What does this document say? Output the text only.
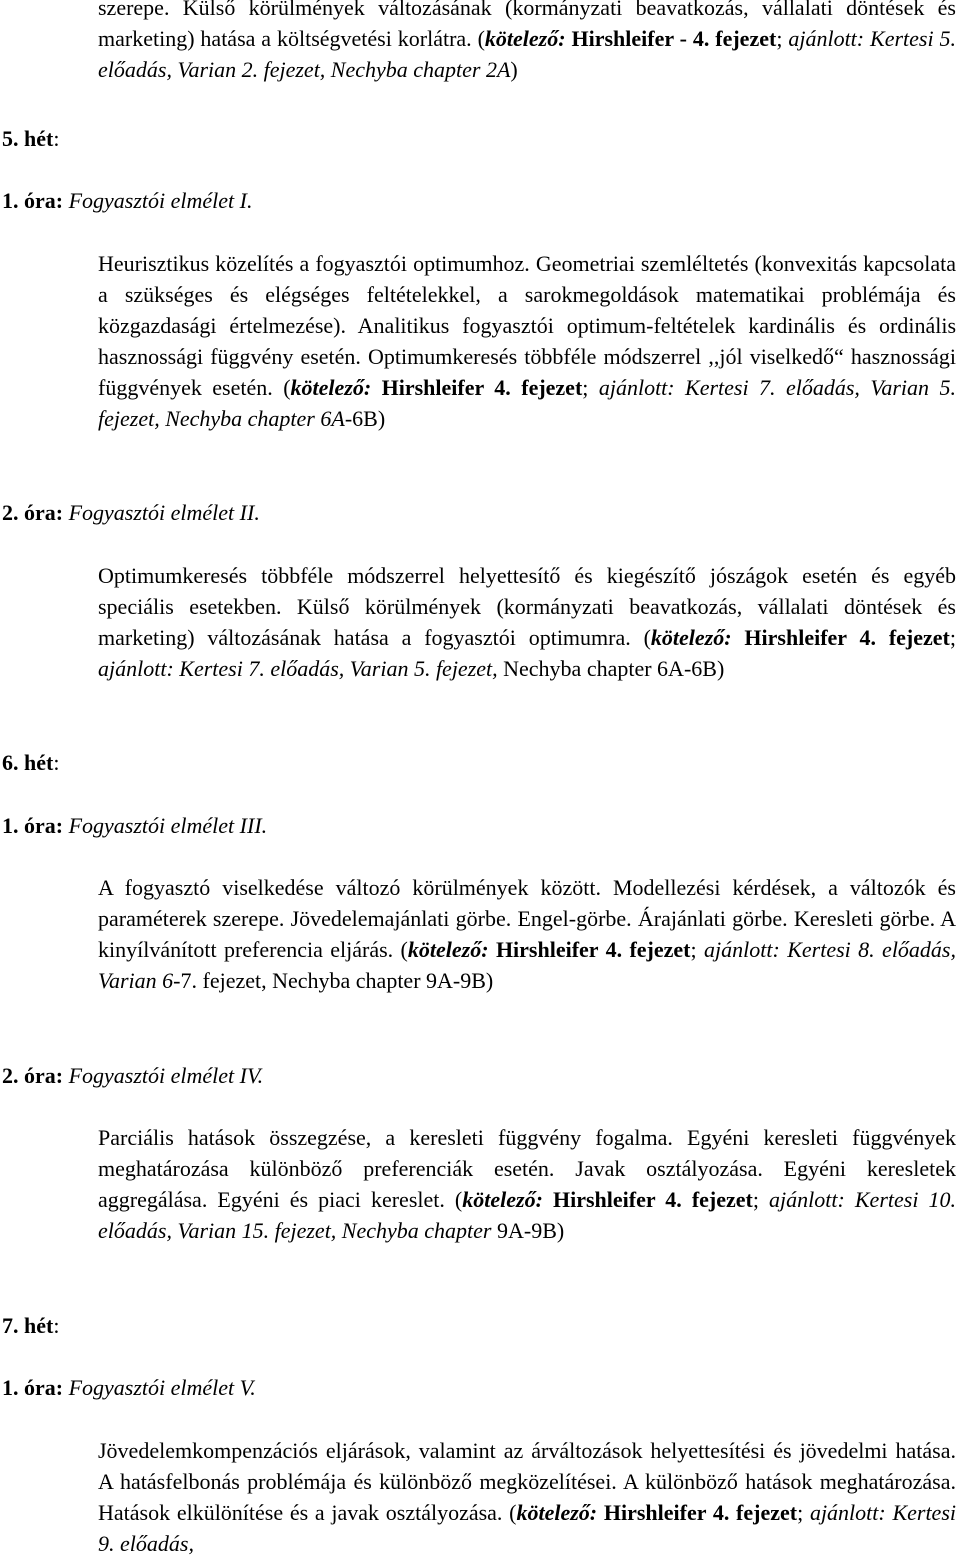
szerepe. Külső körülmények változásának (kormányzati beavatkozás, vállalati döntések és marketing) hatása a költségvetési korlátra. (kötelező: Hirshleifer - 4. fejezet; ajánlott: Kertesi 5. előadás, Varian 2. fejezet, Nechyba chapter 2A)

5. hét:
1. óra: Fogyasztói elmélet I.

Heurisztikus közelítés a fogyasztói optimumhoz. Geometriai szemléltetés (konvexitás kapcsolata a szükséges és elégséges feltételekkel, a sarokmegoldások matematikai problémája és közgazdasági értelmezése). Analitikus fogyasztói optimum-feltételek kardinális és ordinális hasznossági függvény esetén. Optimumkeresés többféle módszerrel ,,jól viselkedő“ hasznossági függvények esetén. (kötelező: Hirshleifer 4. fejezet; ajánlott: Kertesi 7. előadás, Varian 5. fejezet, Nechyba chapter 6A-6B)

2. óra: Fogyasztói elmélet II.

Optimumkeresés többféle módszerrel helyettesítő és kiegészítő jószágok esetén és egyéb speciális esetekben. Külső körülmények (kormányzati beavatkozás, vállalati döntések és marketing) változásának hatása a fogyasztói optimumra. (kötelező: Hirshleifer 4. fejezet; ajánlott: Kertesi 7. előadás, Varian 5. fejezet, Nechyba chapter 6A-6B)

6. hét:
1. óra: Fogyasztói elmélet III.

A fogyasztó viselkedése változó körülmények között. Modellezési kérdések, a változók és paraméterek szerepe. Jövedelemajánlati görbe. Engel-görbe. Árajánlati görbe. Keresleti görbe. A kinyílvánított preferencia eljárás. (kötelező: Hirshleifer 4. fejezet; ajánlott: Kertesi 8. előadás, Varian 6-7. fejezet, Nechyba chapter 9A-9B)

2. óra: Fogyasztói elmélet IV.

Parciális hatások összegzése, a keresleti függvény fogalma. Egyéni keresleti függvények meghatározása különböző preferenciák esetén. Javak osztályozása. Egyéni keresletek aggregálása. Egyéni és piaci kereslet. (kötelező: Hirshleifer 4. fejezet; ajánlott: Kertesi 10. előadás, Varian 15. fejezet, Nechyba chapter 9A-9B)

7. hét:
1. óra: Fogyasztói elmélet V.

Jövedelemkompenzációs eljárások, valamint az árváltozások helyettesítési és jövedelmi hatása. A hatásfelbonás problémája és különböző megközelítései. A különböző hatások meghatározása. Hatások elkülönítése és a javak osztályozása. (kötelező: Hirshleifer 4. fejezet; ajánlott: Kertesi 9. előadás,
